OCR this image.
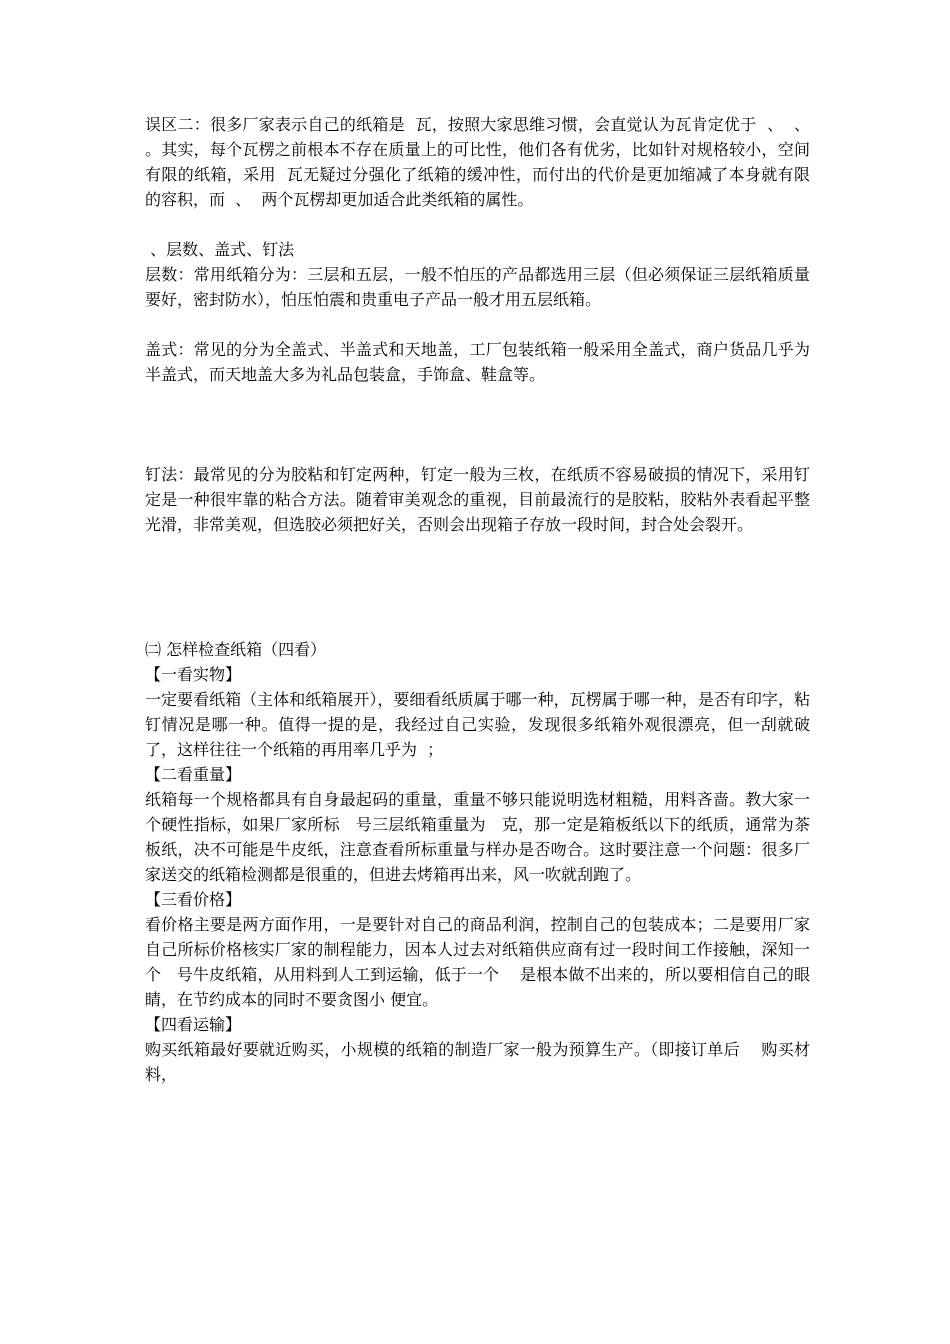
误区二：很多厂家表示自己的纸箱是  瓦，按照大家思维习惯，会直觉认为瓦肯定优于  、  、  。其实，每个瓦楞之前根本不存在质量上的可比性，他们各有优劣，比如针对规格较小，空间有限的纸箱，采用  瓦无疑过分强化了纸箱的缓冲性，而付出的代价是更加缩减了本身就有限的容积，而  、  两个瓦楞却更加适合此类纸箱的属性。

、层数、盖式、钉法

层数：常用纸箱分为：三层和五层，一般不怕压的产品都选用三层（但必须保证三层纸箱质量要好，密封防水），怕压怕震和贵重电子产品一般才用五层纸箱。

盖式：常见的分为全盖式、半盖式和天地盖，工厂包装纸箱一般采用全盖式，商户货品几乎为半盖式，而天地盖大多为礼品包装盒，手饰盒、鞋盒等。

钉法：最常见的分为胶粘和钉定两种，钉定一般为三枚，在纸质不容易破损的情况下，采用钉定是一种很牢靠的粘合方法。随着审美观念的重视，目前最流行的是胶粘，胶粘外表看起平整光滑，非常美观，但选胶必须把好关，否则会出现箱子存放一段时间，封合处会裂开。

㈡ 怎样检查纸箱（四看）

【一看实物】

一定要看纸箱（主体和纸箱展开），要细看纸质属于哪一种，瓦楞属于哪一种，是否有印字，粘钉情况是哪一种。值得一提的是，我经过自己实验，发现很多纸箱外观很漂亮，但一刮就破了，这样往往一个纸箱的再用率几乎为  ；

【二看重量】

纸箱每一个规格都具有自身最起码的重量，重量不够只能说明选材粗糙，用料吝啬。教大家一个硬性指标，如果厂家所标   号三层纸箱重量为   克，那一定是箱板纸以下的纸质，通常为茶板纸，决不可能是牛皮纸，注意查看所标重量与样办是否吻合。这时要注意一个问题：很多厂家送交的纸箱检测都是很重的，但进去烤箱再出来，风一吹就刮跑了。

【三看价格】

看价格主要是两方面作用，一是要针对自己的商品利润，控制自己的包装成本；二是要用厂家自己所标价格核实厂家的制程能力，因本人过去对纸箱供应商有过一段时间工作接触，深知一个   号牛皮纸箱，从用料到人工到运输，低于一个    是根本做不出来的，所以要相信自己的眼睛，在节约成本的同时不要贪图小 便宜。

【四看运输】

购买纸箱最好要就近购买，小规模的纸箱的制造厂家一般为预算生产。（即接订单后    购买材料，
